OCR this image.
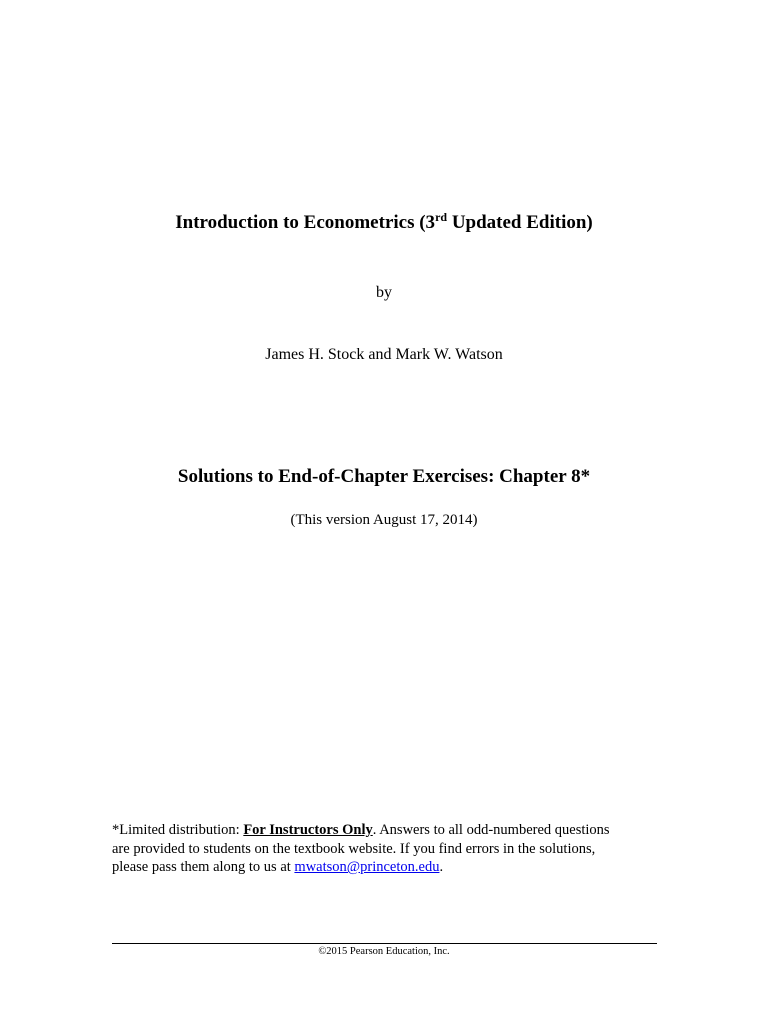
Introduction to Econometrics (3rd Updated Edition)
by
James H. Stock and Mark W. Watson
Solutions to End-of-Chapter Exercises: Chapter 8*
(This version August 17, 2014)
*Limited distribution: For Instructors Only. Answers to all odd-numbered questions
are provided to students on the textbook website. If you find errors in the solutions,
please pass them along to us at mwatson@princeton.edu.
©2015 Pearson Education, Inc.
